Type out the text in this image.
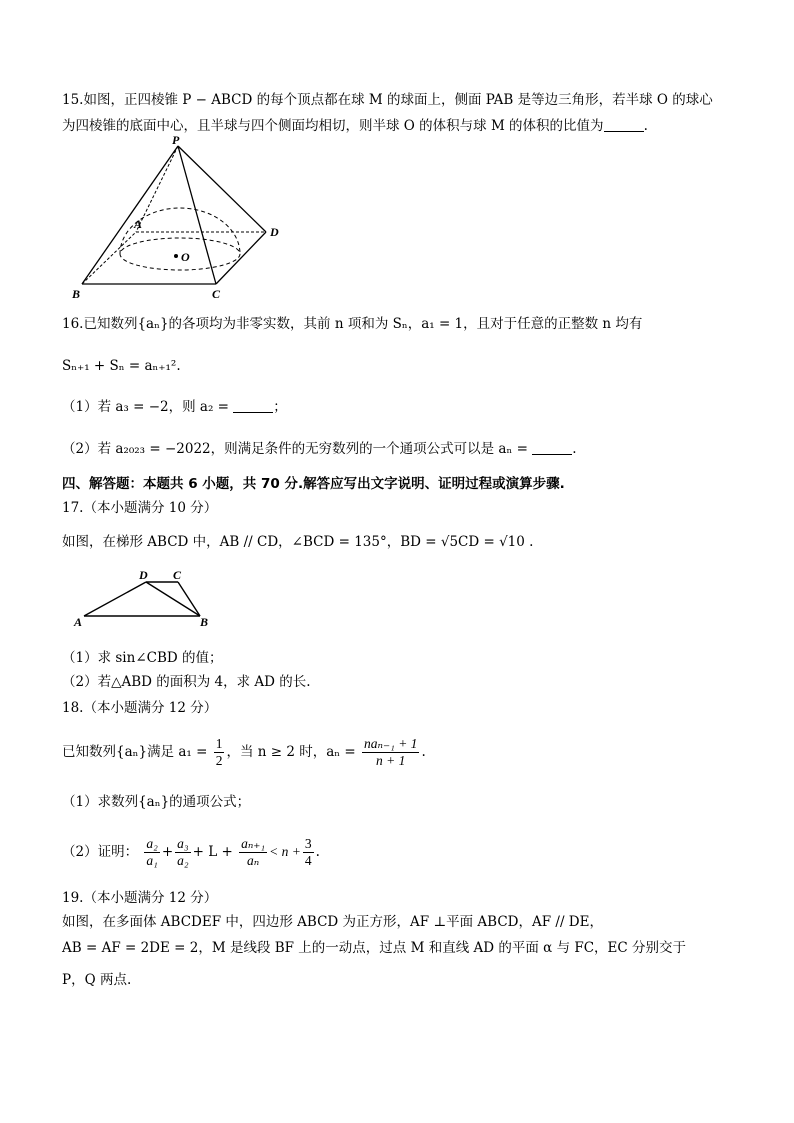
15.如图，正四棱锥 P − ABCD 的每个顶点都在球 M 的球面上，侧面 PAB 是等边三角形，若半球 O 的球心
为四棱锥的底面中心，且半球与四个侧面均相切，则半球 O 的体积与球 M 的体积的比值为	.
P
A
B	C
D
O
16.已知数列{aₙ}的各项均为非零实数，其前 n 项和为 Sₙ，a₁ = 1，且对于任意的正整数 n 均有
Sₙ₊₁ + Sₙ = aₙ₊₁².
（1）若 a₃ = −2，则 a₂ =	；
（2）若 a₂₀₂₃ = −2022，则满足条件的无穷数列的一个通项公式可以是 aₙ =	.
四、解答题：本题共 6 小题，共 70 分.解答应写出文字说明、证明过程或演算步骤.
17.（本小题满分 10 分）
如图，在梯形 ABCD 中，AB // CD，∠BCD = 135°，BD = √5CD = √10 .
A	B
C
D
（1）求 sin∠CBD 的值；
（2）若△ABD 的面积为 4，求 AD 的长.
18.（本小题满分 12 分）
已知数列{aₙ}满足 $a_1 = \frac{1}{2}$ ，当 n ≥ 2 时，$a_n = \frac{\text{naₙ₋₁ + 1}}{n + 1}$ .
（1）求数列{aₙ}的通项公式；
（2）证明： $\frac{\text{a₂}}{\text{a₁}} + \frac{\text{a₃}}{\text{a₂}} + L + \frac{\text{aₙ₊₁}}{\text{aₙ}} < n + \frac{3}{4}$ .
19.（本小题满分 12 分）
如图，在多面体 ABCDEF 中，四边形 ABCD 为正方形，AF ⊥平面 ABCD，AF // DE，
AB = AF = 2DE = 2，M 是线段 BF 上的一动点，过点 M 和直线 AD 的平面 α 与 FC，EC 分别交于
P，Q 两点.
